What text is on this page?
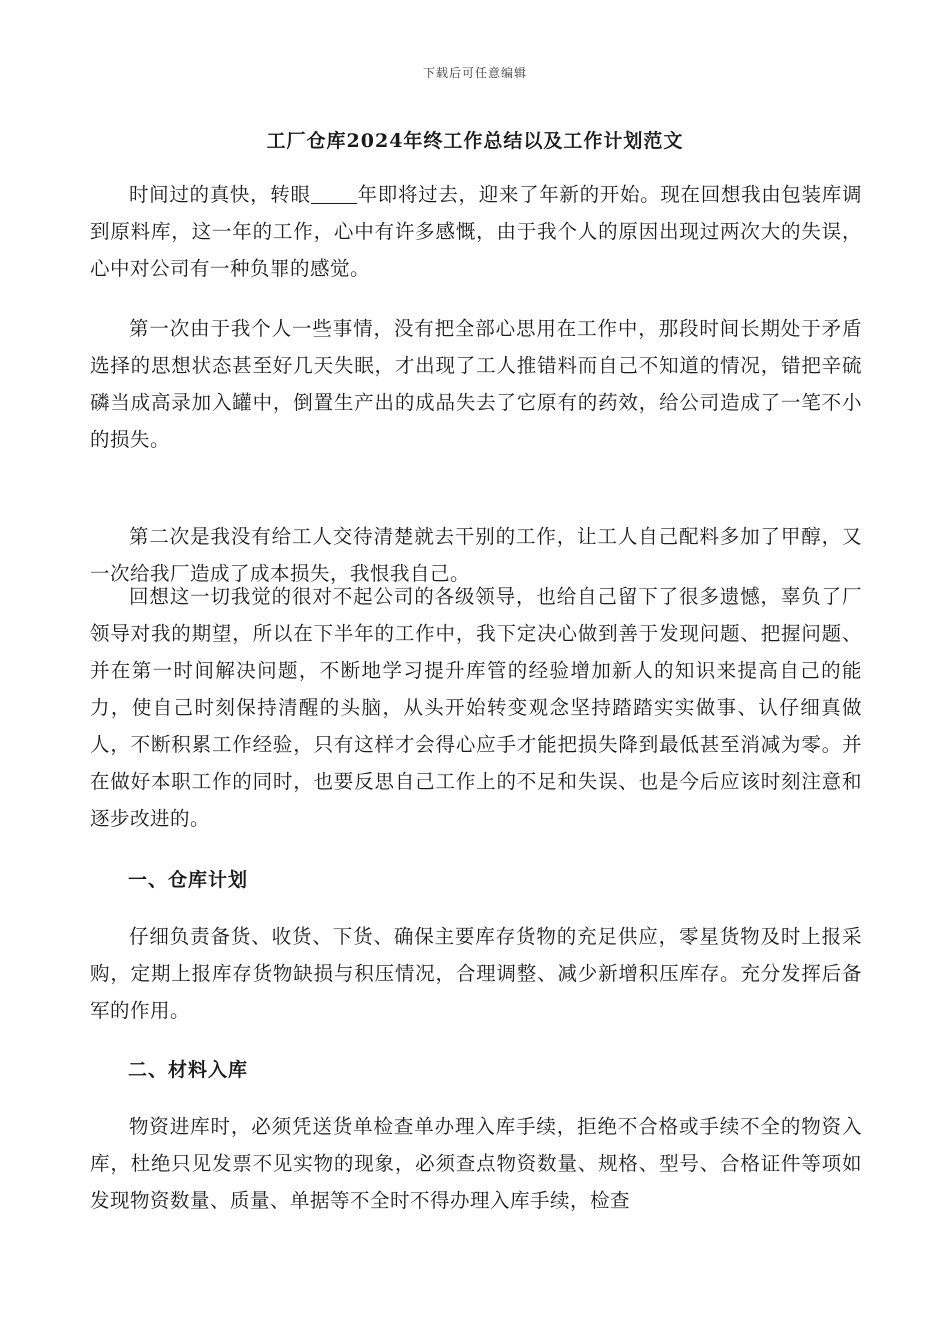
下载后可任意编辑
工厂仓库2024年终工作总结以及工作计划范文

时间过的真快，转眼 年即将过去，迎来了年新的开始。现在回想我由包装库调到原料库，这一年的工作，心中有许多感慨，由于我个人的原因出现过两次大的失误，心中对公司有一种负罪的感觉。

第一次由于我个人一些事情，没有把全部心思用在工作中，那段时间长期处于矛盾选择的思想状态甚至好几天失眠，才出现了工人推错料而自己不知道的情况，错把辛硫磷当成高录加入罐中，倒置生产出的成品失去了它原有的药效，给公司造成了一笔不小的损失。

第二次是我没有给工人交待清楚就去干别的工作，让工人自己配料多加了甲醇，又一次给我厂造成了成本损失，我恨我自己。

回想这一切我觉的很对不起公司的各级领导，也给自己留下了很多遗憾，辜负了厂领导对我的期望，所以在下半年的工作中，我下定决心做到善于发现问题、把握问题、并在第一时间解决问题，不断地学习提升库管的经验增加新人的知识来提高自己的能力，使自己时刻保持清醒的头脑，从头开始转变观念坚持踏踏实实做事、认仔细真做人，不断积累工作经验，只有这样才会得心应手才能把损失降到最低甚至消减为零。并在做好本职工作的同时，也要反思自己工作上的不足和失误、也是今后应该时刻注意和逐步改进的。

一、仓库计划

仔细负责备货、收货、下货、确保主要库存货物的充足供应，零星货物及时上报采购，定期上报库存货物缺损与积压情况，合理调整、减少新增积压库存。充分发挥后备军的作用。

二、材料入库

物资进库时，必须凭送货单检查单办理入库手续，拒绝不合格或手续不全的物资入库，杜绝只见发票不见实物的现象，必须查点物资数量、规格、型号、合格证件等项如发现物资数量、质量、单据等不全时不得办理入库手续，检查
